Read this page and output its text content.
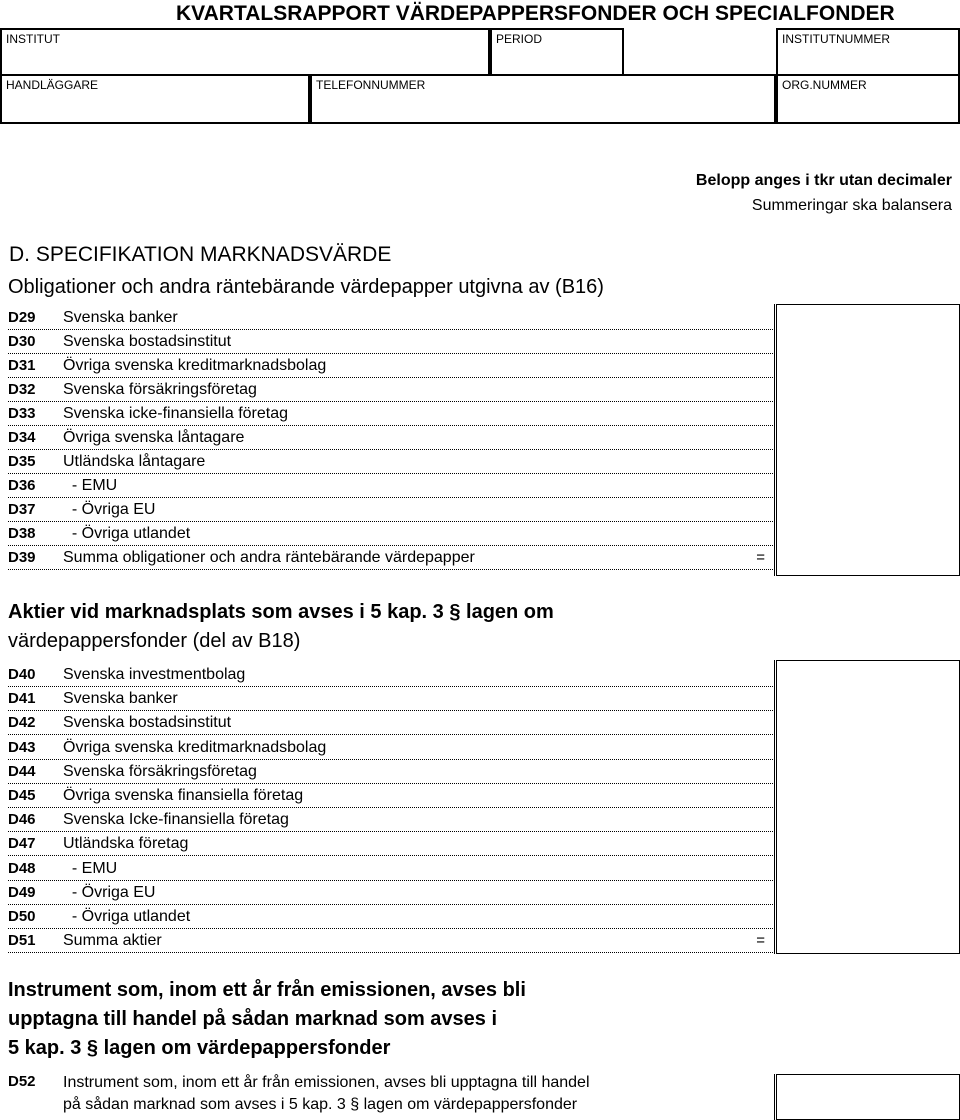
KVARTALSRAPPORT VÄRDEPAPPERSFONDER OCH SPECIALFONDER
INSTITUT	PERIOD	INSTITUTNUMMER
HANDLÄGGARE	TELEFONNUMMER	ORG.NUMMER
Belopp anges i tkr utan decimaler
Summeringar ska balansera
D. SPECIFIKATION MARKNADSVÄRDE
Obligationer och andra räntebärande värdepapper utgivna av (B16)
D29 Svenska banker
D30 Svenska bostadsinstitut
D31 Övriga svenska kreditmarknadsbolag
D32 Svenska försäkringsföretag
D33 Svenska icke-finansiella företag
D34 Övriga svenska låntagare
D35 Utländska låntagare
D36 - EMU
D37 - Övriga EU
D38 - Övriga utlandet
D39 Summa obligationer och andra räntebärande värdepapper	=
Aktier vid marknadsplats som avses i 5 kap. 3 § lagen om
värdepappersfonder (del av B18)
D40 Svenska investmentbolag
D41 Svenska banker
D42 Svenska bostadsinstitut
D43 Övriga svenska kreditmarknadsbolag
D44 Svenska försäkringsföretag
D45 Övriga svenska finansiella företag
D46 Svenska Icke-finansiella företag
D47 Utländska företag
D48 - EMU
D49 - Övriga EU
D50 - Övriga utlandet
D51 Summa aktier	=
Instrument som, inom ett år från emissionen, avses bli
upptagna till handel på sådan marknad som avses i
5 kap. 3 § lagen om värdepappersfonder
D52 Instrument som, inom ett år från emissionen, avses bli upptagna till handel
på sådan marknad som avses i 5 kap. 3 § lagen om värdepappersfonder
